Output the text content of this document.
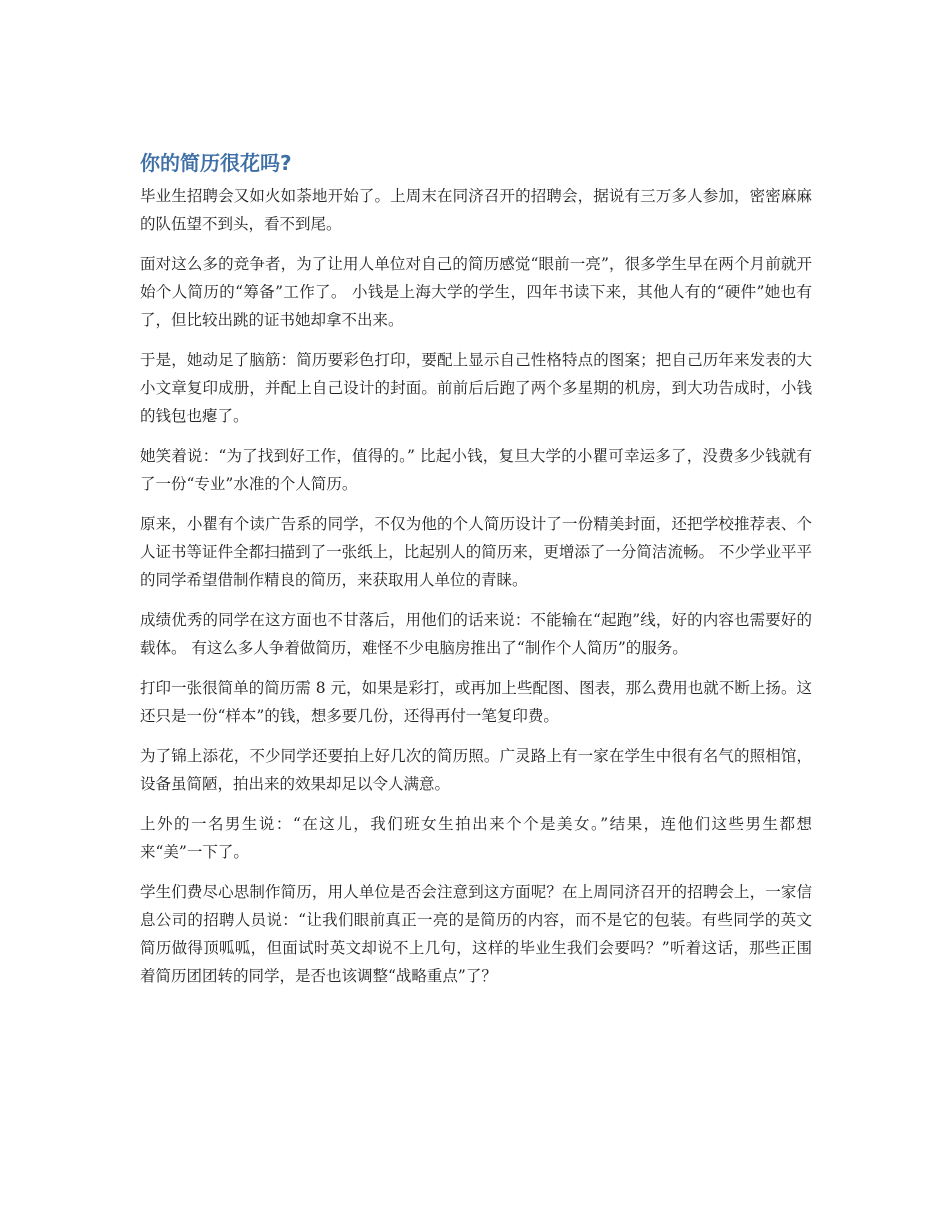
你的简历很花吗?

毕业生招聘会又如火如荼地开始了。上周末在同济召开的招聘会，据说有三万多人参加，密密麻麻的队伍望不到头，看不到尾。

面对这么多的竞争者，为了让用人单位对自己的简历感觉“眼前一亮”，很多学生早在两个月前就开始个人简历的“筹备”工作了。 小钱是上海大学的学生，四年书读下来，其他人有的“硬件”她也有了，但比较出跳的证书她却拿不出来。

于是，她动足了脑筋：简历要彩色打印，要配上显示自己性格特点的图案；把自己历年来发表的大小文章复印成册，并配上自己设计的封面。前前后后跑了两个多星期的机房，到大功告成时，小钱的钱包也瘪了。

她笑着说：“为了找到好工作，值得的。” 比起小钱，复旦大学的小瞿可幸运多了，没费多少钱就有了一份“专业”水准的个人简历。

原来，小瞿有个读广告系的同学，不仅为他的个人简历设计了一份精美封面，还把学校推荐表、个人证书等证件全都扫描到了一张纸上，比起别人的简历来，更增添了一分简洁流畅。 不少学业平平的同学希望借制作精良的简历，来获取用人单位的青睐。

成绩优秀的同学在这方面也不甘落后，用他们的话来说：不能输在“起跑”线，好的内容也需要好的载体。 有这么多人争着做简历，难怪不少电脑房推出了“制作个人简历”的服务。

打印一张很简单的简历需 8 元，如果是彩打，或再加上些配图、图表，那么费用也就不断上扬。这还只是一份“样本”的钱，想多要几份，还得再付一笔复印费。

为了锦上添花，不少同学还要拍上好几次的简历照。广灵路上有一家在学生中很有名气的照相馆，设备虽简陋，拍出来的效果却足以令人满意。

上外的一名男生说：“在这儿，我们班女生拍出来个个是美女。”结果，连他们这些男生都想来“美”一下了。

学生们费尽心思制作简历，用人单位是否会注意到这方面呢？在上周同济召开的招聘会上，一家信息公司的招聘人员说：“让我们眼前真正一亮的是简历的内容，而不是它的包装。有些同学的英文简历做得顶呱呱，但面试时英文却说不上几句，这样的毕业生我们会要吗？”听着这话，那些正围着简历团团转的同学，是否也该调整“战略重点”了？
